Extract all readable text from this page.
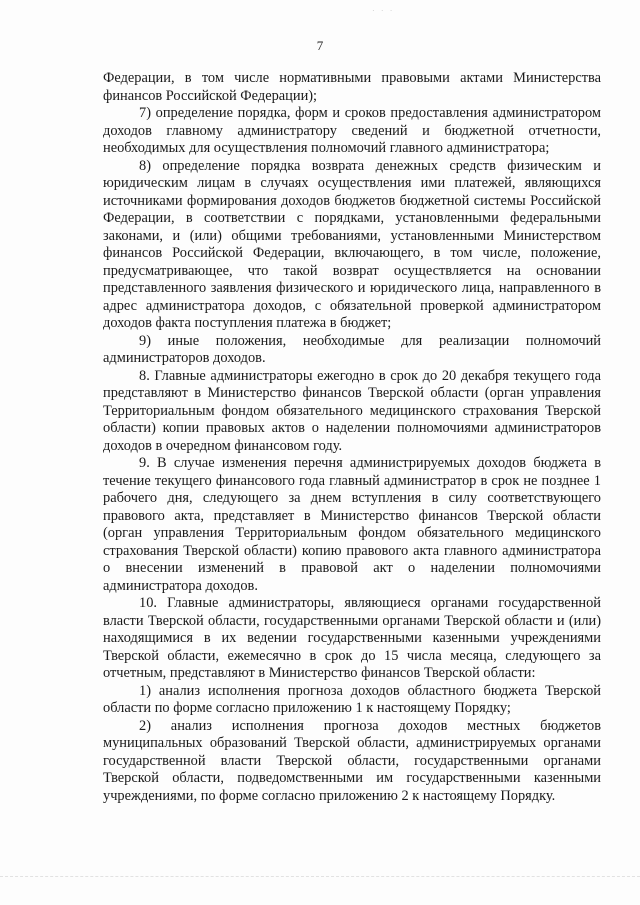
· · ·
7

Федерации, в том числе нормативными правовыми актами Министерства финансов Российской Федерации);

7) определение порядка, форм и сроков предоставления администратором доходов главному администратору сведений и бюджетной отчетности, необходимых для осуществления полномочий главного администратора;

8) определение порядка возврата денежных средств физическим и юридическим лицам в случаях осуществления ими платежей, являющихся источниками формирования доходов бюджетов бюджетной системы Российской Федерации, в соответствии с порядками, установленными федеральными законами, и (или) общими требованиями, установленными Министерством финансов Российской Федерации, включающего, в том числе, положение, предусматривающее, что такой возврат осуществляется на основании представленного заявления физического и юридического лица, направленного в адрес администратора доходов, с обязательной проверкой администратором доходов факта поступления платежа в бюджет;

9) иные положения, необходимые для реализации полномочий администраторов доходов.

8. Главные администраторы ежегодно в срок до 20 декабря текущего года представляют в Министерство финансов Тверской области (орган управления Территориальным фондом обязательного медицинского страхования Тверской области) копии правовых актов о наделении полномочиями администраторов доходов в очередном финансовом году.

9. В случае изменения перечня администрируемых доходов бюджета в течение текущего финансового года главный администратор в срок не позднее 1 рабочего дня, следующего за днем вступления в силу соответствующего правового акта, представляет в Министерство финансов Тверской области (орган управления Территориальным фондом обязательного медицинского страхования Тверской области) копию правового акта главного администратора о внесении изменений в правовой акт о наделении полномочиями администратора доходов.

10. Главные администраторы, являющиеся органами государственной власти Тверской области, государственными органами Тверской области и (или) находящимися в их ведении государственными казенными учреждениями Тверской области, ежемесячно в срок до 15 числа месяца, следующего за отчетным, представляют в Министерство финансов Тверской области:

1) анализ исполнения прогноза доходов областного бюджета Тверской области по форме согласно приложению 1 к настоящему Порядку;

2) анализ исполнения прогноза доходов местных бюджетов муниципальных образований Тверской области, администрируемых органами государственной власти Тверской области, государственными органами Тверской области, подведомственными им государственными казенными учреждениями, по форме согласно приложению 2 к настоящему Порядку.
